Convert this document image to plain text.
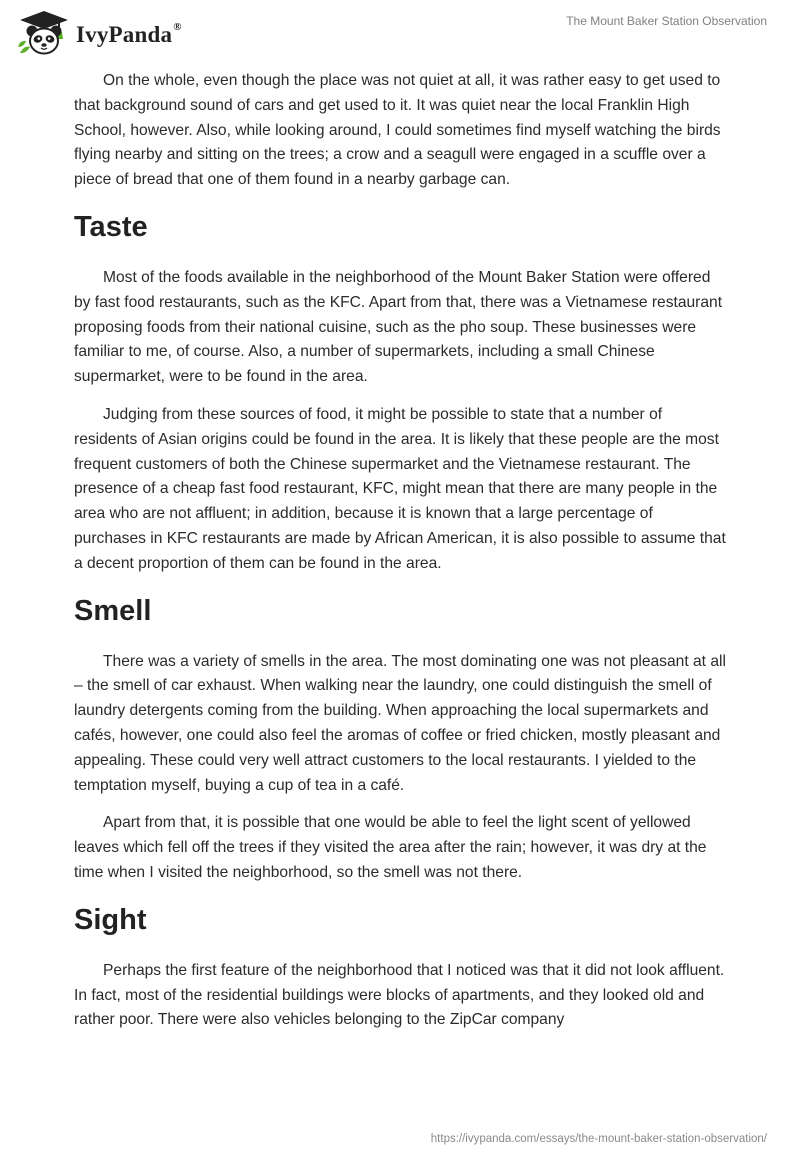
IvyPanda®	The Mount Baker Station Observation

On the whole, even though the place was not quiet at all, it was rather easy to get used to that background sound of cars and get used to it. It was quiet near the local Franklin High School, however. Also, while looking around, I could sometimes find myself watching the birds flying nearby and sitting on the trees; a crow and a seagull were engaged in a scuffle over a piece of bread that one of them found in a nearby garbage can.

Taste

Most of the foods available in the neighborhood of the Mount Baker Station were offered by fast food restaurants, such as the KFC. Apart from that, there was a Vietnamese restaurant proposing foods from their national cuisine, such as the pho soup. These businesses were familiar to me, of course. Also, a number of supermarkets, including a small Chinese supermarket, were to be found in the area.

Judging from these sources of food, it might be possible to state that a number of residents of Asian origins could be found in the area. It is likely that these people are the most frequent customers of both the Chinese supermarket and the Vietnamese restaurant. The presence of a cheap fast food restaurant, KFC, might mean that there are many people in the area who are not affluent; in addition, because it is known that a large percentage of purchases in KFC restaurants are made by African American, it is also possible to assume that a decent proportion of them can be found in the area.

Smell

There was a variety of smells in the area. The most dominating one was not pleasant at all – the smell of car exhaust. When walking near the laundry, one could distinguish the smell of laundry detergents coming from the building. When approaching the local supermarkets and cafés, however, one could also feel the aromas of coffee or fried chicken, mostly pleasant and appealing. These could very well attract customers to the local restaurants. I yielded to the temptation myself, buying a cup of tea in a café.

Apart from that, it is possible that one would be able to feel the light scent of yellowed leaves which fell off the trees if they visited the area after the rain; however, it was dry at the time when I visited the neighborhood, so the smell was not there.

Sight

Perhaps the first feature of the neighborhood that I noticed was that it did not look affluent. In fact, most of the residential buildings were blocks of apartments, and they looked old and rather poor. There were also vehicles belonging to the ZipCar company

https://ivypanda.com/essays/the-mount-baker-station-observation/
